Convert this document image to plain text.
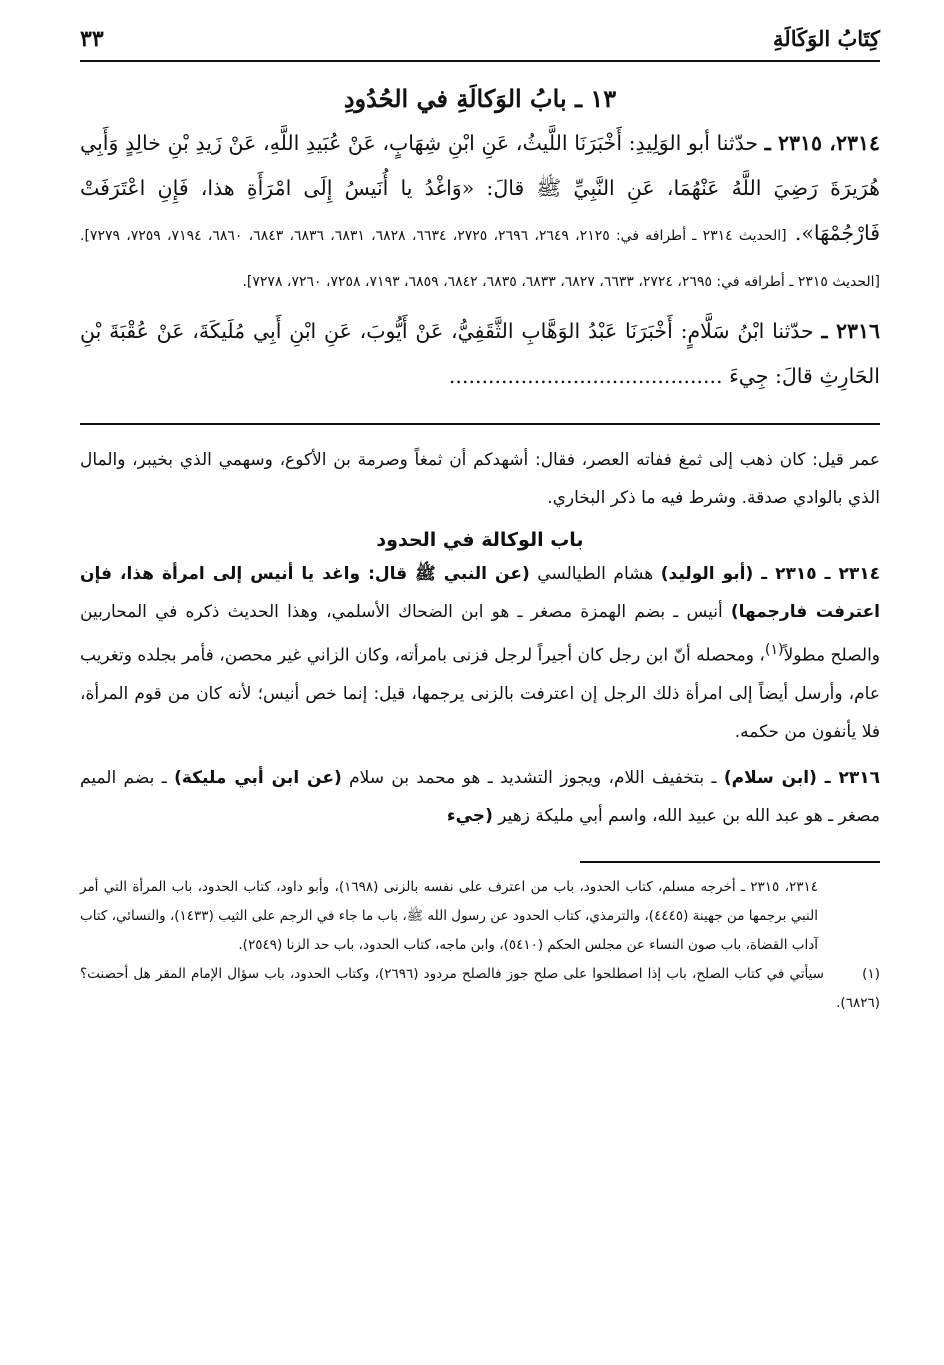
كِتَابُ الوَكَالَةِ
٣٣
١٣ ـ بابُ الوَكالَةِ في الحُدُودِ

٢٣١٤، ٢٣١٥ ـ حدّثنا أبو الوَلِيدِ: أَخْبَرَنَا اللَّيثُ، عَنِ ابْنِ شِهَابٍ، عَنْ عُبَيدِ اللَّهِ، عَنْ زَيدِ بْنِ خالِدٍ وَأَبِي هُرَيرَةَ رَضِيَ اللَّهُ عَنْهُمَا، عَنِ النَّبِيِّ ﷺ قالَ: «وَاغْدُ يا أُنَيسُ إِلَى امْرَأَةِ هذا، فَإِنِ اعْتَرَفَتْ فَارْجُمْهَا». [الحديث ٢٣١٤ ـ أطرافه في: ٢١٢٥، ٢٦٤٩، ٢٦٩٦، ٢٧٢٥، ٦٦٣٤، ٦٨٢٨، ٦٨٣١، ٦٨٣٦، ٦٨٤٣، ٦٨٦٠، ٧١٩٤، ٧٢٥٩، ٧٢٧٩]. [الحديث ٢٣١٥ ـ أطرافه في: ٢٦٩٥، ٢٧٢٤، ٦٦٣٣، ٦٨٢٧، ٦٨٣٣، ٦٨٣٥، ٦٨٤٢، ٦٨٥٩، ٧١٩٣، ٧٢٥٨، ٧٢٦٠، ٧٢٧٨].

٢٣١٦ ـ حدّثنا ابْنُ سَلَّامٍ: أَخْبَرَنَا عَبْدُ الوَهَّابِ الثَّقَفِيُّ، عَنْ أَيُّوبَ، عَنِ ابْنِ أَبِي مُلَيكَةَ، عَنْ عُقْبَةَ بْنِ الحَارِثِ قالَ: جِيءَ ..........................................

عمر قيل: كان ذهب إلى ثمغ ففاته العصر، فقال: أشهدكم أن ثمغاً وصرمة بن الأكوع، وسهمي الذي بخيبر، والمال الذي بالوادي صدقة. وشرط فيه ما ذكر البخاري.

باب الوكالة في الحدود

٢٣١٤ ـ ٢٣١٥ ـ (أبو الوليد) هشام الطيالسي (عن النبي ﷺ قال: واغد يا أنيس إلى امرأة هذا، فإن اعترفت فارجمها) أنيس ـ بضم الهمزة مصغر ـ هو ابن الضحاك الأسلمي، وهذا الحديث ذكره في المحاربين والصلح مطولاً$^{(١)}$، ومحصله أنّ ابن رجل كان أجيراً لرجل فزنى بامرأته، وكان الزاني غير محصن، فأمر بجلده وتغريب عام، وأرسل أيضاً إلى امرأة ذلك الرجل إن اعترفت بالزنى يرجمها، قيل: إنما خص أنيس؛ لأنه كان من قوم المرأة، فلا يأنفون من حكمه.

٢٣١٦ ـ (ابن سلام) ـ بتخفيف اللام، ويجوز التشديد ـ هو محمد بن سلام (عن ابن أبي مليكة) ـ بضم الميم مصغر ـ هو عبد الله بن عبيد الله، واسم أبي مليكة زهير (جيء

٢٣١٤، ٢٣١٥ ـ أخرجه مسلم، كتاب الحدود، باب من اعترف على نفسه بالزنى (١٦٩٨)، وأبو داود، كتاب الحدود، باب المرأة التي أمر النبي برجمها من جهينة (٤٤٤٥)، والترمذي، كتاب الحدود عن رسول الله ﷺ، باب ما جاء في الرجم على الثيب (١٤٣٣)، والنسائي، كتاب آداب القضاة، باب صون النساء عن مجلس الحكم (٥٤١٠)، وابن ماجه، كتاب الحدود، باب حد الزنا (٢٥٤٩).

(١)سيأتي في كتاب الصلح، باب إذا اصطلحوا على صلح جوز فالصلح مردود (٢٦٩٦)، وكتاب الحدود، باب سؤال الإمام المقر هل أحصنت؟ (٦٨٢٦).
